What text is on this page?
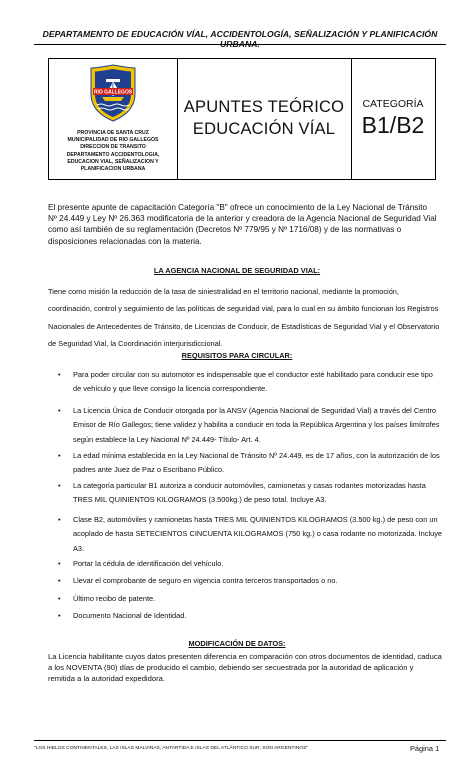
DEPARTAMENTO DE EDUCACIÓN VÍAL, ACCIDENTOLOGÍA, SEÑALIZACIÓN Y PLANIFICACIÓN URBANA.
RIO GALLEGOS
PROVINCIA DE SANTA CRUZ
MUNICIPALIDAD DE RIO GALLEGOS
DIRECCION DE TRANSITO
DEPARTAMENTO ACCIDENTOLOGIA,
EDUCACION VIAL, SEÑALIZACION Y
PLANIFICACION URBANA
APUNTES TEÓRICO
EDUCACIÓN VÍAL
CATEGORÍA
B1/B2
El presente apunte de capacitación Categoría "B" ofrece un conocimiento de la Ley Nacional de Tránsito Nº 24.449 y Ley Nº 26.363 modificatoria de la anterior y creadora de la Agencia Nacional de Seguridad Vial como así también de su reglamentación (Decretos Nº 779/95 y Nº 1716/08) y de las normativas o disposiciones relacionadas con la materia.
LA AGENCIA NACIONAL DE SEGURIDAD VIAL:
Tiene como misión la reducción de la tasa de siniestralidad en el territorio nacional, mediante la promoción, coordinación, control y seguimiento de las políticas de seguridad vial, para lo cual en su ámbito funcionan los Registros Nacionales de Antecedentes de Tránsito, de Licencias de Conducir, de Estadísticas de Seguridad Vial y el Observatorio de Seguridad Vial, la Coordinación interjurisdiccional.
REQUISITOS PARA CIRCULAR:
• Para poder circular con su automotor es indispensable que el conductor esté habilitado para conducir ese tipo de vehículo y que lleve consigo la licencia correspondiente.
• La Licencia Única de Conducir otorgada por la ANSV (Agencia Nacional de Seguridad Vial) a través del Centro Emisor de Río Gallegos; tiene validez y habilita a conducir en toda la República Argentina y los países limítrofes según establece la Ley Nacional Nº 24.449- Título- Art. 4.
• La edad mínima establecida en la Ley Nacional de Tránsito Nº 24.449, es de 17 años, con la autorización de los padres ante Juez de Paz o Escribano Público.
• La categoría particular B1 autoriza a conducir automóviles, camionetas y casas rodantes motorizadas hasta TRES MIL QUINIENTOS KILOGRAMOS (3.500kg.) de peso total. Incluye A3.
• Clase B2, automóviles y camionetas hasta TRES MIL QUINIENTOS KILOGRAMOS (3.500 kg.) de peso con un acoplado de hasta SETECIENTOS CINCUENTA KILOGRAMOS (750 kg.) o casa rodante no motorizada. Incluye A3.
• Portar la cédula de identificación del vehículo.
• Llevar el comprobante de seguro en vigencia contra terceros transportados o no.
• Último recibo de patente.
• Documento Nacional de Identidad.
MODIFICACIÓN DE DATOS:
La Licencia habilitante cuyos datos presenten diferencia en comparación con otros documentos de identidad, caduca a los NOVENTA (90) días de producido el cambio, debiendo ser secuestrada por la autoridad de aplicación y remitida a la autoridad expedidora.
"LOS HIELOS CONTINENTALES, LAS ISLAS MALVINAS, ANTARTIDA E ISLAS DEL ATLÁNTICO SUR, SON ARGENTINOS"	Página 1
